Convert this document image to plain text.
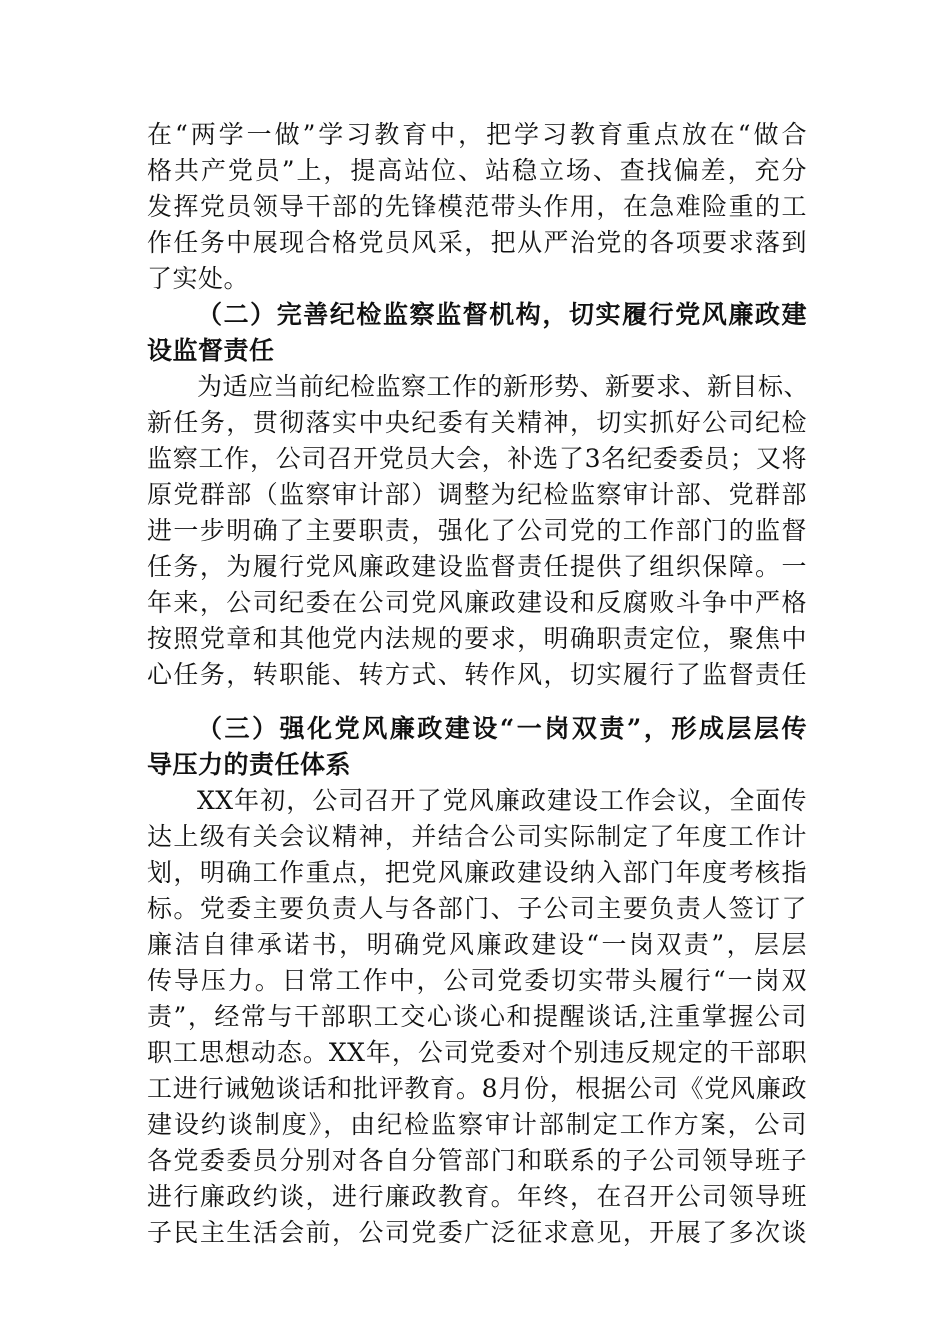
在“两学一做”学习教育中，把学习教育重点放在“做合
格共产党员”上，提高站位、站稳立场、查找偏差，充分
发挥党员领导干部的先锋模范带头作用，在急难险重的工
作任务中展现合格党员风采，把从严治党的各项要求落到
了实处。
（二）完善纪检监察监督机构，切实履行党风廉政建
设监督责任
为适应当前纪检监察工作的新形势、新要求、新目标、
新任务，贯彻落实中央纪委有关精神，切实抓好公司纪检
监察工作，公司召开党员大会，补选了3名纪委委员；又将
原党群部（监察审计部）调整为纪检监察审计部、党群部
进一步明确了主要职责，强化了公司党的工作部门的监督
任务，为履行党风廉政建设监督责任提供了组织保障。一
年来，公司纪委在公司党风廉政建设和反腐败斗争中严格
按照党章和其他党内法规的要求，明确职责定位，聚焦中
心任务，转职能、转方式、转作风，切实履行了监督责任
（三）强化党风廉政建设“一岗双责”，形成层层传
导压力的责任体系
XX年初，公司召开了党风廉政建设工作会议，全面传
达上级有关会议精神，并结合公司实际制定了年度工作计
划，明确工作重点，把党风廉政建设纳入部门年度考核指
标。党委主要负责人与各部门、子公司主要负责人签订了
廉洁自律承诺书，明确党风廉政建设“一岗双责”，层层
传导压力。日常工作中，公司党委切实带头履行“一岗双
责”，经常与干部职工交心谈心和提醒谈话,注重掌握公司
职工思想动态。XX年，公司党委对个别违反规定的干部职
工进行诫勉谈话和批评教育。8月份，根据公司《党风廉政
建设约谈制度》，由纪检监察审计部制定工作方案，公司
各党委委员分别对各自分管部门和联系的子公司领导班子
进行廉政约谈，进行廉政教育。年终，在召开公司领导班
子民主生活会前，公司党委广泛征求意见，开展了多次谈
